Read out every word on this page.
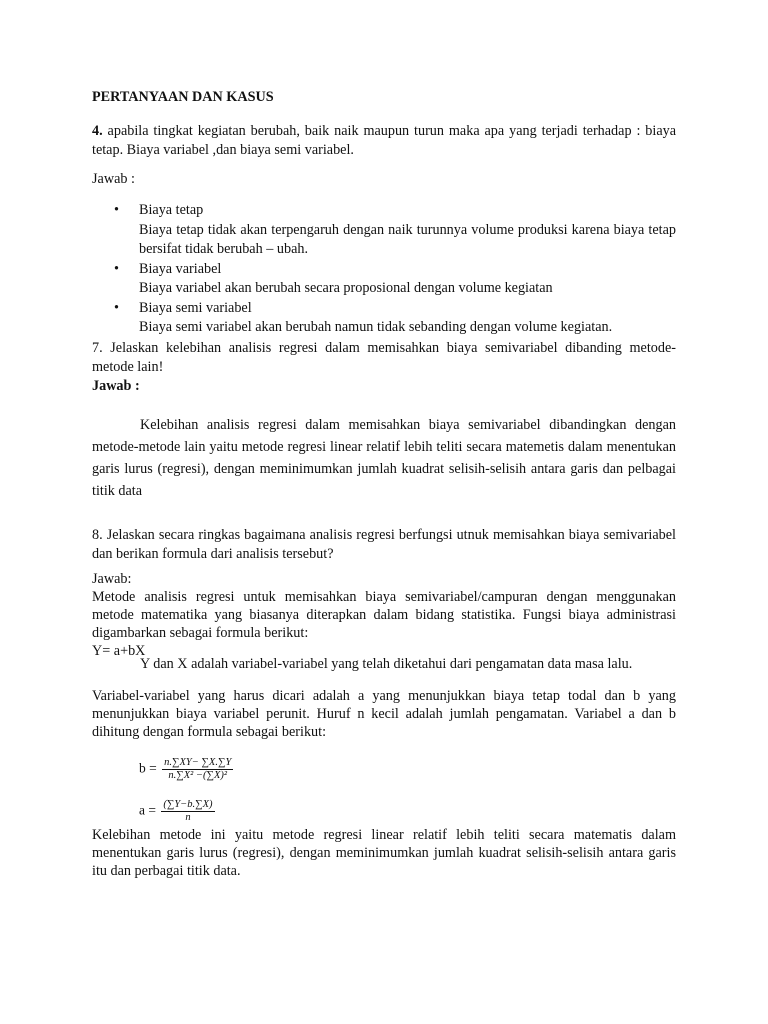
PERTANYAAN DAN KASUS
4. apabila tingkat kegiatan berubah, baik naik maupun turun maka apa yang terjadi terhadap : biaya tetap. Biaya variabel ,dan biaya semi variabel.
Jawab :
• Biaya tetap
Biaya tetap tidak akan terpengaruh dengan naik turunnya volume produksi karena biaya tetap bersifat tidak berubah – ubah.
• Biaya variabel
Biaya variabel akan berubah secara proposional dengan volume kegiatan
• Biaya semi variabel
Biaya semi variabel akan berubah namun tidak sebanding dengan volume kegiatan.
7. Jelaskan kelebihan analisis regresi dalam memisahkan biaya semivariabel dibanding metode-metode lain!
Jawab :
Kelebihan analisis regresi dalam memisahkan biaya semivariabel dibandingkan dengan metode-metode lain yaitu metode regresi linear relatif lebih teliti secara matemetis dalam menentukan garis lurus (regresi), dengan meminimumkan jumlah kuadrat selisih-selisih antara garis dan pelbagai titik data
8. Jelaskan secara ringkas bagaimana analisis regresi berfungsi utnuk memisahkan biaya semivariabel dan berikan formula dari analisis tersebut?
Jawab:
Metode analisis regresi untuk memisahkan biaya semivariabel/campuran dengan menggunakan metode matematika yang biasanya diterapkan dalam bidang statistika. Fungsi biaya administrasi digambarkan sebagai formula berikut:
Y= a+bX
Y dan X adalah variabel-variabel yang telah diketahui dari pengamatan data masa lalu.
Variabel-variabel yang harus dicari adalah a yang menunjukkan biaya tetap todal dan b yang menunjukkan biaya variabel perunit. Huruf n kecil adalah jumlah pengamatan. Variabel a dan b dihitung dengan formula sebagai berikut:
$b = \frac{n.\sum XY- \sum X.\sum Y}{\text{n.∑X² −(∑X)²}}$
$a = \frac{(\sum Y-b.\sum X)}{n}$
Kelebihan metode ini yaitu metode regresi linear relatif lebih teliti secara matematis dalam menentukan garis lurus (regresi), dengan meminimumkan jumlah kuadrat selisih-selisih antara garis itu dan perbagai titik data.
